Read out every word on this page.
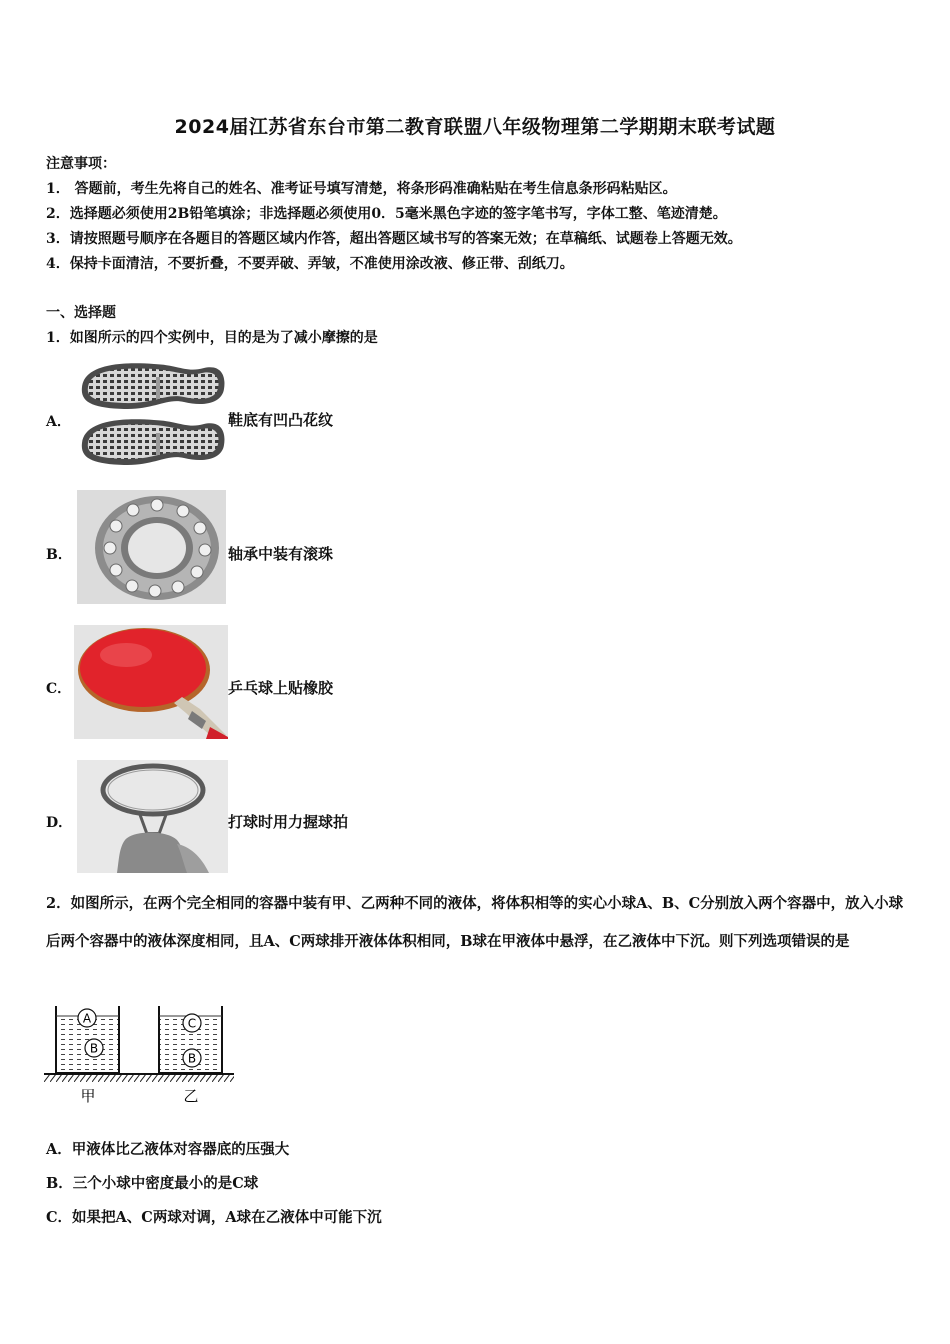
2024届江苏省东台市第二教育联盟八年级物理第二学期期末联考试题
注意事项：
1． 答题前，考生先将自己的姓名、准考证号填写清楚，将条形码准确粘贴在考生信息条形码粘贴区。
2．选择题必须使用2B铅笔填涂；非选择题必须使用0．5毫米黑色字迹的签字笔书写，字体工整、笔迹清楚。
3．请按照题号顺序在各题目的答题区域内作答，超出答题区域书写的答案无效；在草稿纸、试题卷上答题无效。
4．保持卡面清洁，不要折叠，不要弄破、弄皱，不准使用涂改液、修正带、刮纸刀。
一、选择题
1．如图所示的四个实例中，目的是为了减小摩擦的是
A．	鞋底有凹凸花纹
B．	轴承中装有滚珠
C．	乒乓球上贴橡胶
D．	打球时用力握球拍
2．如图所示，在两个完全相同的容器中装有甲、乙两种不同的液体，将体积相等的实心小球A、B、C分别放入两个容器中，放入小球后两个容器中的液体深度相同，且A、C两球排开液体体积相同，B球在甲液体中悬浮，在乙液体中下沉。则下列选项错误的是
A
B
C
B
甲	乙
A．甲液体比乙液体对容器底的压强大
B．三个小球中密度最小的是C球
C．如果把A、C两球对调，A球在乙液体中可能下沉
